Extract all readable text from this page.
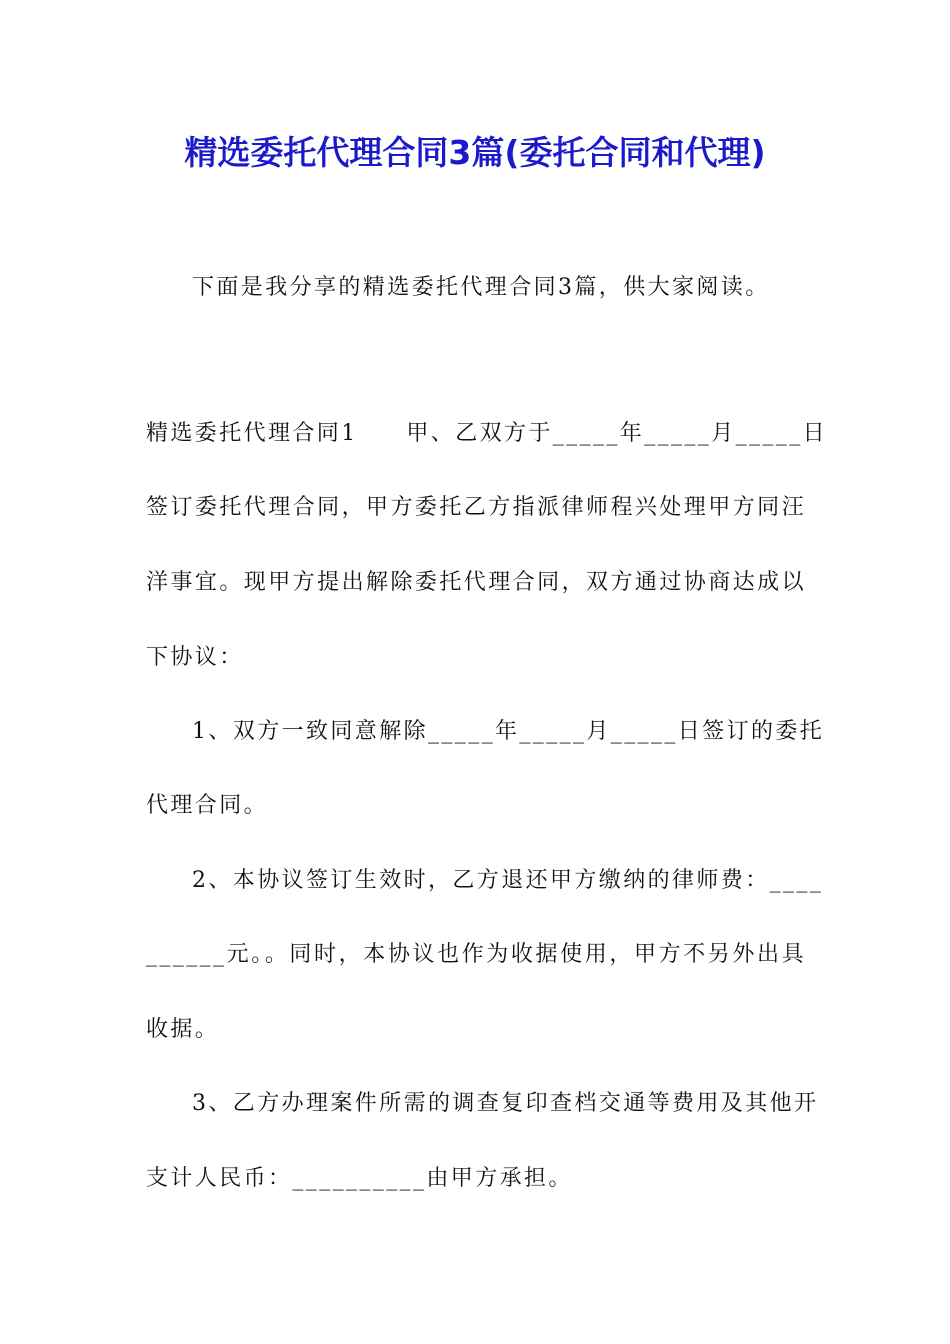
精选委托代理合同3篇(委托合同和代理)
下面是我分享的精选委托代理合同3篇，供大家阅读。
精选委托代理合同1　　甲、乙双方于_____年_____月_____日
签订委托代理合同，甲方委托乙方指派律师程兴处理甲方同汪
洋事宜。现甲方提出解除委托代理合同，双方通过协商达成以
下协议：
1、双方一致同意解除_____年_____月_____日签订的委托
代理合同。
2、本协议签订生效时，乙方退还甲方缴纳的律师费：____
______元。。同时，本协议也作为收据使用，甲方不另外出具
收据。
3、乙方办理案件所需的调查复印查档交通等费用及其他开
支计人民币：__________由甲方承担。
